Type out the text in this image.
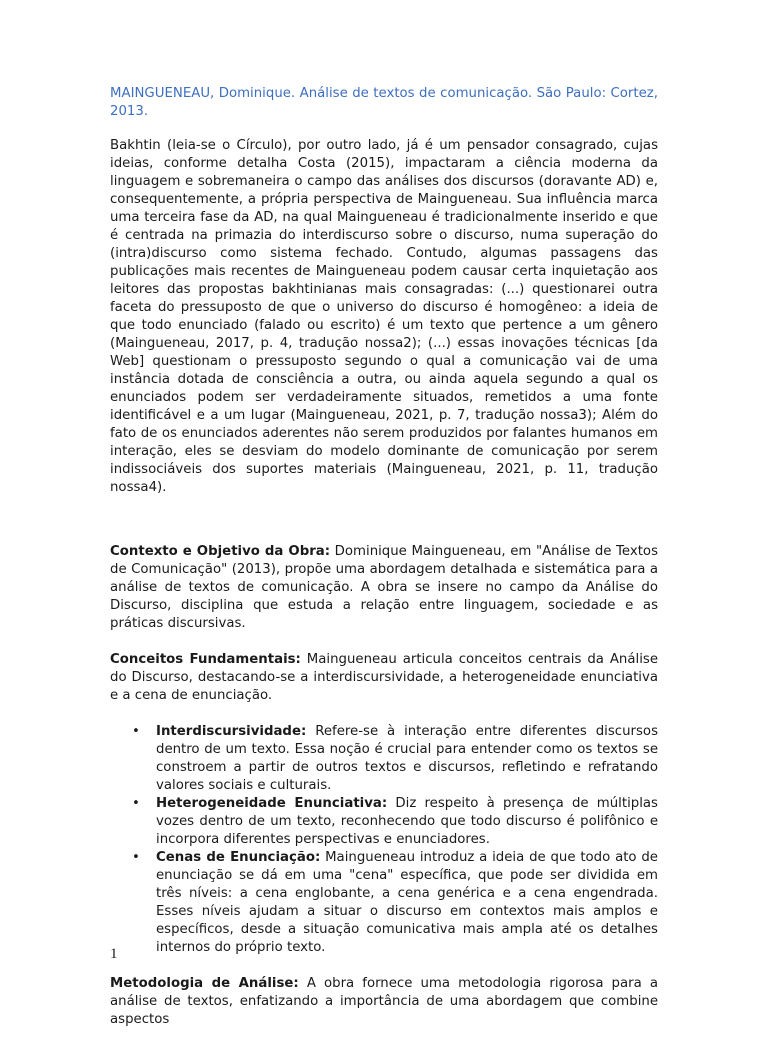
MAINGUENEAU, Dominique. Análise de textos de comunicação. São Paulo: Cortez, 2013.

Bakhtin (leia-se o Círculo), por outro lado, já é um pensador consagrado, cujas ideias, conforme detalha Costa (2015), impactaram a ciência moderna da linguagem e sobremaneira o campo das análises dos discursos (doravante AD) e, consequentemente, a própria perspectiva de Maingueneau. Sua influência marca uma terceira fase da AD, na qual Maingueneau é tradicionalmente inserido e que é centrada na primazia do interdiscurso sobre o discurso, numa superação do (intra)discurso como sistema fechado. Contudo, algumas passagens das publicações mais recentes de Maingueneau podem causar certa inquietação aos leitores das propostas bakhtinianas mais consagradas: (...) questionarei outra faceta do pressuposto de que o universo do discurso é homogêneo: a ideia de que todo enunciado (falado ou escrito) é um texto que pertence a um gênero (Maingueneau, 2017, p. 4, tradução nossa2); (...) essas inovações técnicas [da Web] questionam o pressuposto segundo o qual a comunicação vai de uma instância dotada de consciência a outra, ou ainda aquela segundo a qual os enunciados podem ser verdadeiramente situados, remetidos a uma fonte identificável e a um lugar (Maingueneau, 2021, p. 7, tradução nossa3); Além do fato de os enunciados aderentes não serem produzidos por falantes humanos em interação, eles se desviam do modelo dominante de comunicação por serem indissociáveis dos suportes materiais (Maingueneau, 2021, p. 11, tradução nossa4).

Contexto e Objetivo da Obra: Dominique Maingueneau, em "Análise de Textos de Comunicação" (2013), propõe uma abordagem detalhada e sistemática para a análise de textos de comunicação. A obra se insere no campo da Análise do Discurso, disciplina que estuda a relação entre linguagem, sociedade e as práticas discursivas.

Conceitos Fundamentais: Maingueneau articula conceitos centrais da Análise do Discurso, destacando-se a interdiscursividade, a heterogeneidade enunciativa e a cena de enunciação.

• Interdiscursividade: Refere-se à interação entre diferentes discursos dentro de um texto. Essa noção é crucial para entender como os textos se constroem a partir de outros textos e discursos, refletindo e refratando valores sociais e culturais.
• Heterogeneidade Enunciativa: Diz respeito à presença de múltiplas vozes dentro de um texto, reconhecendo que todo discurso é polifônico e incorpora diferentes perspectivas e enunciadores.
• Cenas de Enunciação: Maingueneau introduz a ideia de que todo ato de enunciação se dá em uma "cena" específica, que pode ser dividida em três níveis: a cena englobante, a cena genérica e a cena engendrada. Esses níveis ajudam a situar o discurso em contextos mais amplos e específicos, desde a situação comunicativa mais ampla até os detalhes internos do próprio texto.

Metodologia de Análise: A obra fornece uma metodologia rigorosa para a análise de textos, enfatizando a importância de uma abordagem que combine aspectos

1
